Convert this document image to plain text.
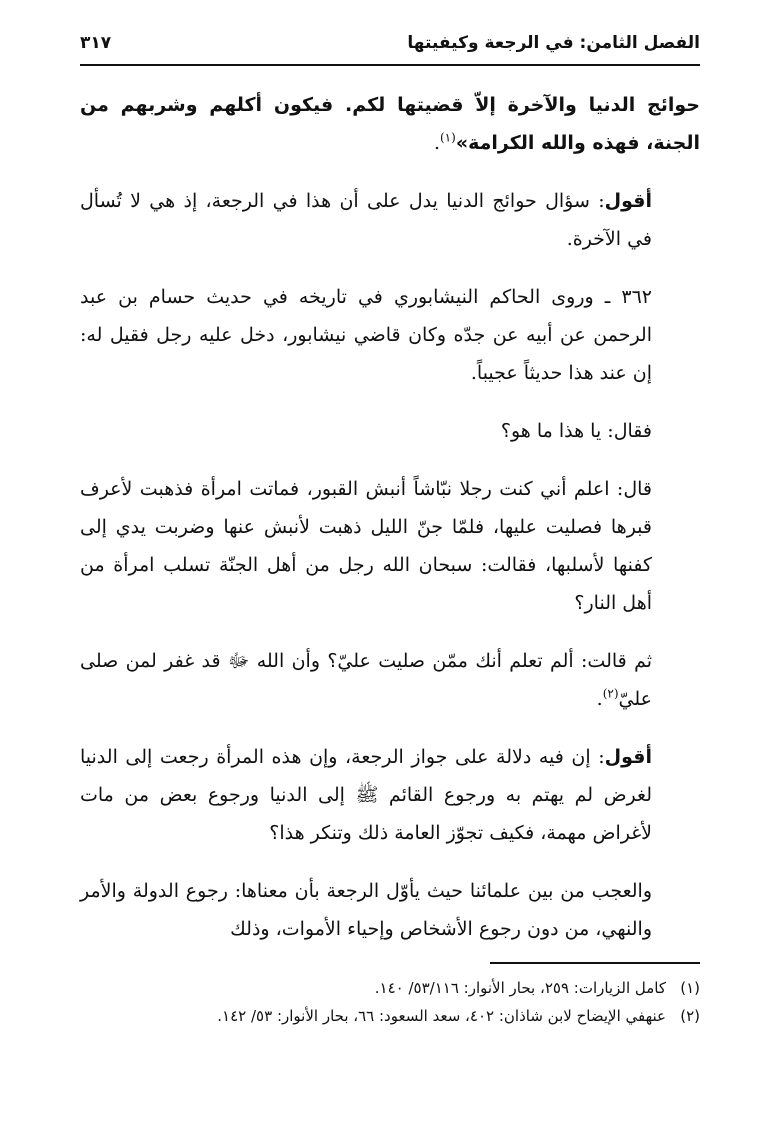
الفصل الثامن: في الرجعة وكيفيتها
٣١٧

حوائج الدنيا والآخرة إلاّ قضيتها لكم. فيكون أكلهم وشربهم من الجنة، فهذه والله الكرامة»$^{(١)}$.

أقول: سؤال حوائج الدنيا يدل على أن هذا في الرجعة، إذ هي لا تُسأل في الآخرة.

٣٦٢ ـ وروى الحاكم النيشابوري في تاريخه في حديث حسام بن عبد الرحمن عن أبيه عن جدّه وكان قاضي نيشابور، دخل عليه رجل فقيل له: إن عند هذا حديثاً عجيباً.

فقال: يا هذا ما هو؟

قال: اعلم أني كنت رجلا نبّاشاً أنبش القبور، فماتت امرأة فذهبت لأعرف قبرها فصليت عليها، فلمّا جنّ الليل ذهبت لأنبش عنها وضربت يدي إلى كفنها لأسلبها، فقالت: سبحان الله رجل من أهل الجنّة تسلب امرأة من أهل النار؟

ثم قالت: ألم تعلم أنك ممّن صليت عليّ؟ وأن الله ﷻ قد غفر لمن صلى عليّ$^{(٢)}$.

أقول: إن فيه دلالة على جواز الرجعة، وإن هذه المرأة رجعت إلى الدنيا لغرض لم يهتم به ورجوع القائم ﷺ إلى الدنيا ورجوع بعض من مات لأغراض مهمة، فكيف تجوّز العامة ذلك وتنكر هذا؟

والعجب من بين علمائنا حيث يأوّل الرجعة بأن معناها: رجوع الدولة والأمر والنهي، من دون رجوع الأشخاص وإحياء الأموات، وذلك

(١)
كامل الزيارات: ٢٥٩، بحار الأنوار: ٥٣/١١٦/ ١٤٠.
(٢)
عنهفي الإيضاح لابن شاذان: ٤٠٢، سعد السعود: ٦٦، بحار الأنوار: ٥٣/ ١٤٢.
